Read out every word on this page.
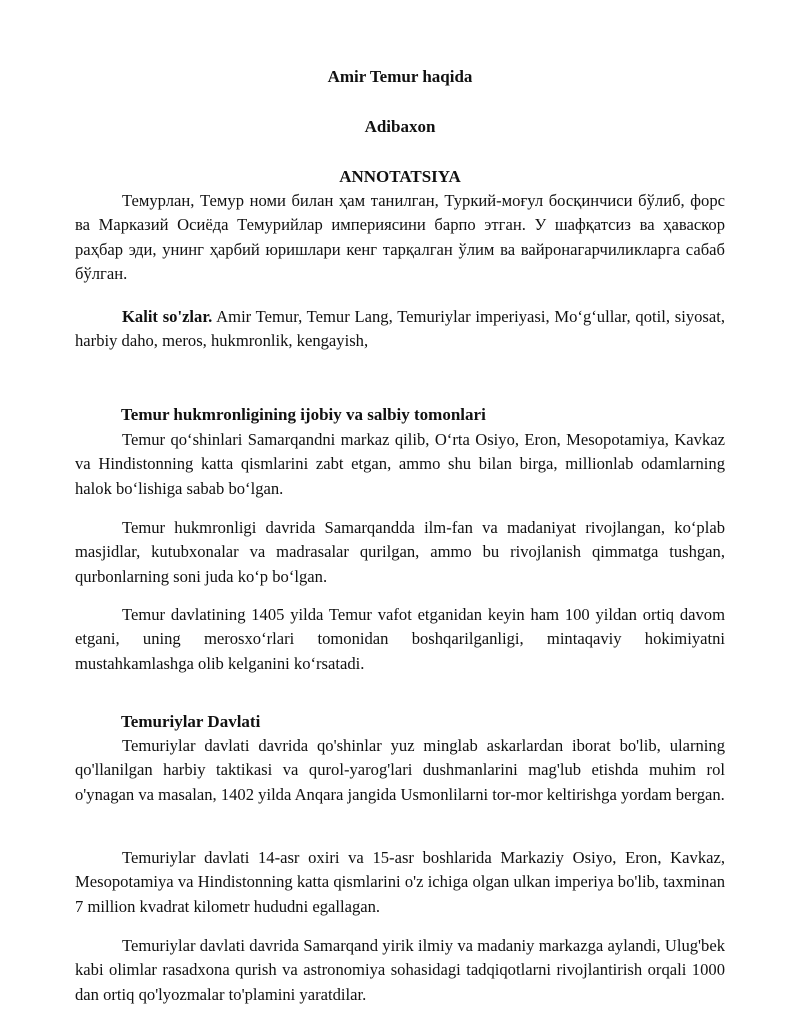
Amir Temur haqida
Adibaxon
ANNOTATSIYA

Темурлан, Темур номи билан ҳам танилган, Туркий-моғул босқинчиси бўлиб, форс ва Марказий Осиёда Темурийлар империясини барпо этган. У шафқатсиз ва ҳаваскор раҳбар эди, унинг ҳарбий юришлари кенг тарқалган ўлим ва вайронагарчиликларга сабаб бўлган.

Kalit so'zlar. Amir Temur, Temur Lang, Temuriylar imperiyasi, Mo‘g‘ullar, qotil, siyosat, harbiy daho, meros, hukmronlik, kengayish,

Temur hukmronligining ijobiy va salbiy tomonlari

Temur qo‘shinlari Samarqandni markaz qilib, O‘rta Osiyo, Eron, Mesopotamiya, Kavkaz va Hindistonning katta qismlarini zabt etgan, ammo shu bilan birga, millionlab odamlarning halok bo‘lishiga sabab bo‘lgan.

Temur hukmronligi davrida Samarqandda ilm-fan va madaniyat rivojlangan, ko‘plab masjidlar, kutubxonalar va madrasalar qurilgan, ammo bu rivojlanish qimmatga tushgan, qurbonlarning soni juda ko‘p bo‘lgan.

Temur davlatining 1405 yilda Temur vafot etganidan keyin ham 100 yildan ortiq davom etgani, uning merosxo‘rlari tomonidan boshqarilganligi, mintaqaviy hokimiyatni mustahkamlashga olib kelganini ko‘rsatadi.

Temuriylar Davlati

Temuriylar davlati davrida qo'shinlar yuz minglab askarlardan iborat bo'lib, ularning qo'llanilgan harbiy taktikasi va qurol-yarog'lari dushmanlarini mag'lub etishda muhim rol o'ynagan va masalan, 1402 yilda Anqara jangida Usmonlilarni tor-mor keltirishga yordam bergan.

Temuriylar davlati 14-asr oxiri va 15-asr boshlarida Markaziy Osiyo, Eron, Kavkaz, Mesopotamiya va Hindistonning katta qismlarini o'z ichiga olgan ulkan imperiya bo'lib, taxminan 7 million kvadrat kilometr hududni egallagan.

Temuriylar davlati davrida Samarqand yirik ilmiy va madaniy markazga aylandi, Ulug'bek kabi olimlar rasadxona qurish va astronomiya sohasidagi tadqiqotlarni rivojlantirish orqali 1000 dan ortiq qo'lyozmalar to'plamini yaratdilar.
